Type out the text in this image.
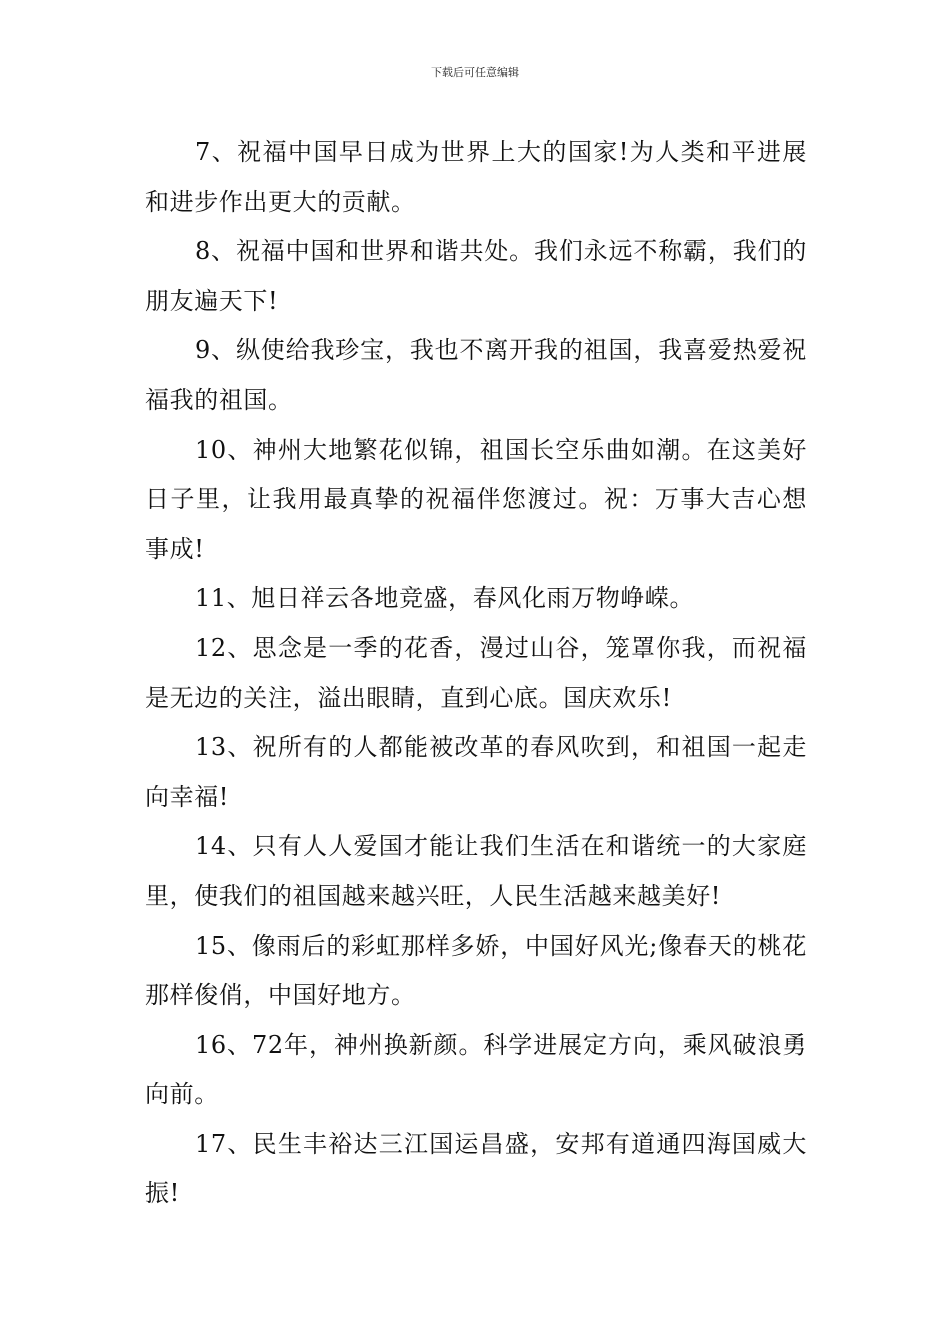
下载后可任意编辑

7、祝福中国早日成为世界上大的国家!为人类和平进展和进步作出更大的贡献。

8、祝福中国和世界和谐共处。我们永远不称霸，我们的朋友遍天下!

9、纵使给我珍宝，我也不离开我的祖国，我喜爱热爱祝福我的祖国。

10、神州大地繁花似锦，祖国长空乐曲如潮。在这美好日子里，让我用最真挚的祝福伴您渡过。祝：万事大吉心想事成!

11、旭日祥云各地竞盛，春风化雨万物峥嵘。

12、思念是一季的花香，漫过山谷，笼罩你我，而祝福是无边的关注，溢出眼睛，直到心底。国庆欢乐!

13、祝所有的人都能被改革的春风吹到，和祖国一起走向幸福!

14、只有人人爱国才能让我们生活在和谐统一的大家庭里，使我们的祖国越来越兴旺，人民生活越来越美好!

15、像雨后的彩虹那样多娇，中国好风光;像春天的桃花那样俊俏，中国好地方。

16、72年，神州换新颜。科学进展定方向，乘风破浪勇向前。

17、民生丰裕达三江国运昌盛，安邦有道通四海国威大振!
